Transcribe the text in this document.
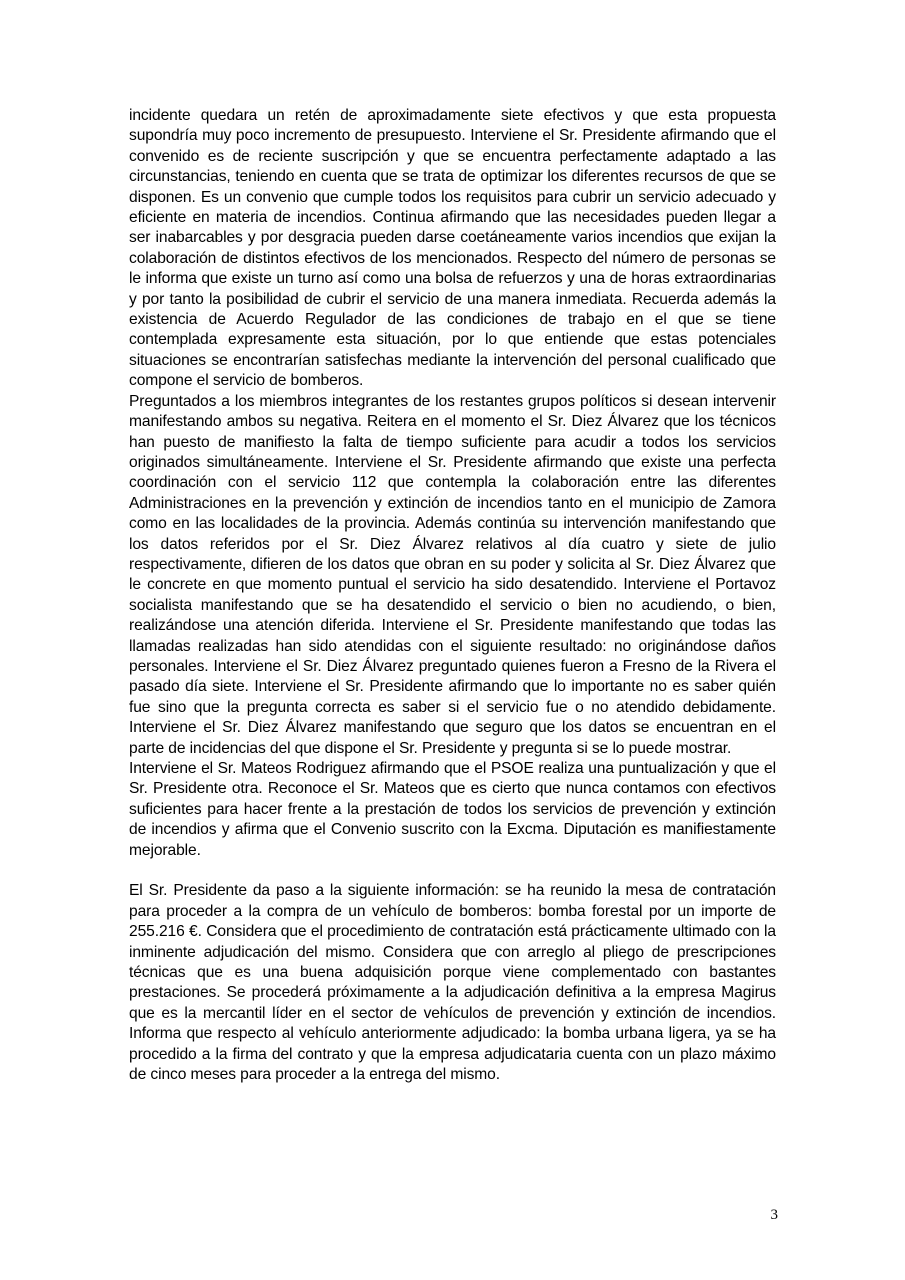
incidente quedara un retén de aproximadamente siete efectivos y que esta propuesta supondría muy poco incremento de presupuesto. Interviene el Sr. Presidente afirmando que el convenido es de reciente suscripción y que se encuentra perfectamente adaptado a las circunstancias, teniendo en cuenta que se trata de optimizar los diferentes recursos de que se disponen. Es un convenio que cumple todos los requisitos para cubrir un servicio adecuado y eficiente en materia de incendios. Continua afirmando que las necesidades pueden llegar a ser inabarcables y por desgracia pueden darse coetáneamente varios incendios que exijan la colaboración de distintos efectivos de los mencionados. Respecto del número de personas se le informa que existe un turno así como una bolsa de refuerzos y una de horas extraordinarias y por tanto la posibilidad de cubrir el servicio de una manera inmediata. Recuerda además la existencia de Acuerdo Regulador de las condiciones de trabajo en el que se tiene contemplada expresamente esta situación, por lo que entiende que estas potenciales situaciones se encontrarían satisfechas mediante la intervención del personal cualificado que compone el servicio de bomberos.

Preguntados a los miembros integrantes de los restantes grupos políticos si desean intervenir manifestando ambos su negativa. Reitera en el momento el Sr. Diez Álvarez que los técnicos han puesto de manifiesto la falta de tiempo suficiente para acudir a todos los servicios originados simultáneamente. Interviene el Sr. Presidente afirmando que existe una perfecta coordinación con el servicio 112 que contempla la colaboración entre las diferentes Administraciones en la prevención y extinción de incendios tanto en el municipio de Zamora como en las localidades de la provincia. Además continúa su intervención manifestando que los datos referidos por el Sr. Diez Álvarez relativos al día cuatro y siete de julio respectivamente, difieren de los datos que obran en su poder y solicita al Sr. Diez Álvarez que le concrete en que momento puntual el servicio ha sido desatendido. Interviene el Portavoz socialista manifestando que se ha desatendido el servicio o bien no acudiendo, o bien, realizándose una atención diferida. Interviene el Sr. Presidente manifestando que todas las llamadas realizadas han sido atendidas con el siguiente resultado: no originándose daños personales. Interviene el Sr. Diez Álvarez preguntado quienes fueron a Fresno de la Rivera el pasado día siete. Interviene el Sr. Presidente afirmando que lo importante no es saber quién fue sino que la pregunta correcta es saber si el servicio fue o no atendido debidamente. Interviene el Sr. Diez Álvarez manifestando que seguro que los datos se encuentran en el parte de incidencias del que dispone el Sr. Presidente y pregunta si se lo puede mostrar.

Interviene el Sr. Mateos Rodriguez afirmando que el PSOE realiza una puntualización y que el Sr. Presidente otra. Reconoce el Sr. Mateos que es cierto que nunca contamos con efectivos suficientes para hacer frente a la prestación de todos los servicios de prevención y extinción de incendios y afirma que el Convenio suscrito con la Excma. Diputación es manifiestamente mejorable.

El Sr. Presidente da paso a la siguiente información: se ha reunido la mesa de contratación para proceder a la compra de un vehículo de bomberos: bomba forestal por un importe de 255.216 €. Considera que el procedimiento de contratación está prácticamente ultimado con la inminente adjudicación del mismo. Considera que con arreglo al pliego de prescripciones técnicas que es una buena adquisición porque viene complementado con bastantes prestaciones. Se procederá próximamente a la adjudicación definitiva a la empresa Magirus que es la mercantil líder en el sector de vehículos de prevención y extinción de incendios. Informa que respecto al vehículo anteriormente adjudicado: la bomba urbana ligera, ya se ha procedido a la firma del contrato y que la empresa adjudicataria cuenta con un plazo máximo de cinco meses para proceder a la entrega del mismo.

3
